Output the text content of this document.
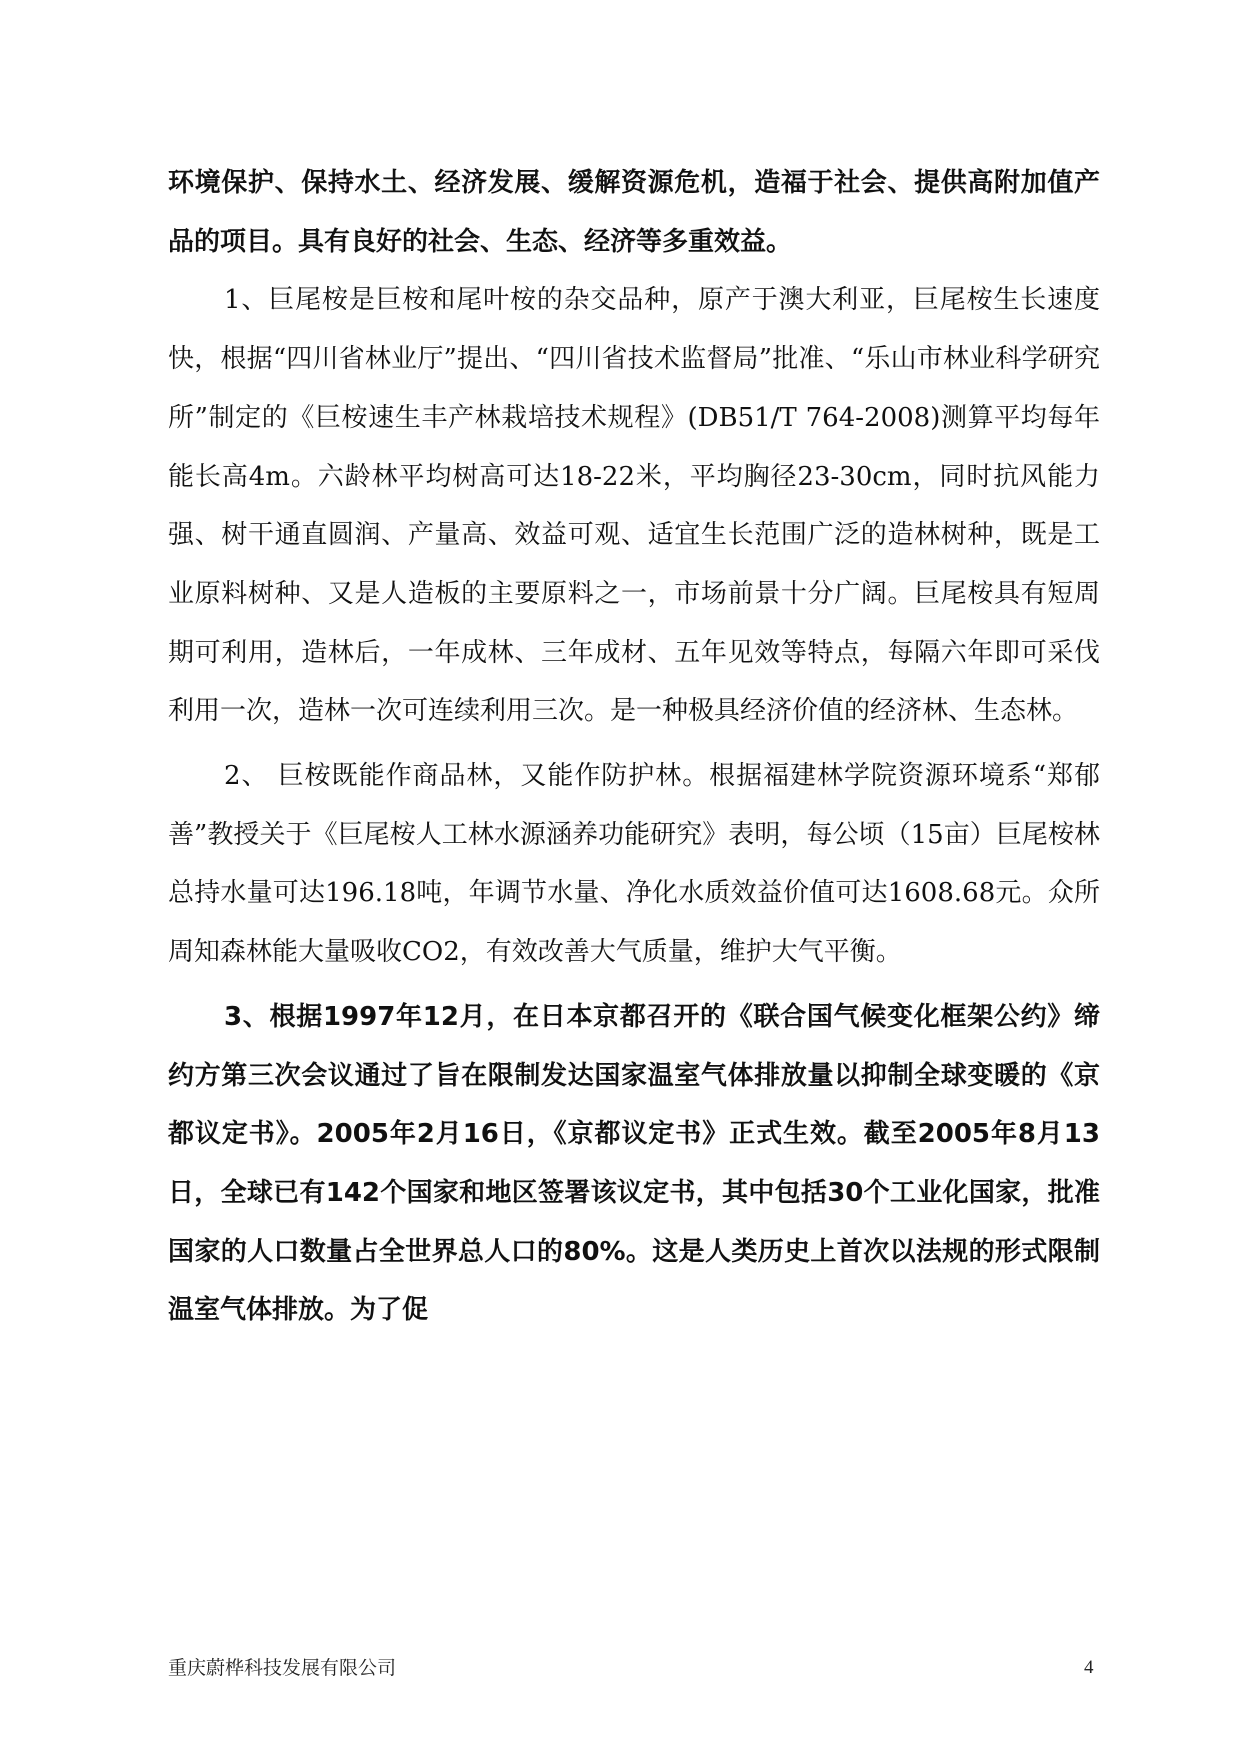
环境保护、保持水土、经济发展、缓解资源危机，造福于社会、提供高附加值产品的项目。具有良好的社会、生态、经济等多重效益。

1、巨尾桉是巨桉和尾叶桉的杂交品种，原产于澳大利亚，巨尾桉生长速度快，根据“四川省林业厅”提出、“四川省技术监督局”批准、“乐山市林业科学研究所”制定的《巨桉速生丰产林栽培技术规程》(DB51/T 764-2008)测算平均每年能长高4m。六龄林平均树高可达18-22米，平均胸径23-30cm，同时抗风能力强、树干通直圆润、产量高、效益可观、适宜生长范围广泛的造林树种，既是工业原料树种、又是人造板的主要原料之一，市场前景十分广阔。巨尾桉具有短周期可利用，造林后，一年成林、三年成材、五年见效等特点，每隔六年即可采伐利用一次，造林一次可连续利用三次。是一种极具经济价值的经济林、生态林。

2、 巨桉既能作商品林，又能作防护林。根据福建林学院资源环境系“郑郁善”教授关于《巨尾桉人工林水源涵养功能研究》表明，每公顷（15亩）巨尾桉林总持水量可达196.18吨，年调节水量、净化水质效益价值可达1608.68元。众所周知森林能大量吸收CO2，有效改善大气质量，维护大气平衡。

3、根据1997年12月，在日本京都召开的《联合国气候变化框架公约》缔约方第三次会议通过了旨在限制发达国家温室气体排放量以抑制全球变暖的《京都议定书》。2005年2月16日，《京都议定书》正式生效。截至2005年8月13日，全球已有142个国家和地区签署该议定书，其中包括30个工业化国家，批准国家的人口数量占全世界总人口的80%。这是人类历史上首次以法规的形式限制温室气体排放。为了促

重庆蔚桦科技发展有限公司	4
